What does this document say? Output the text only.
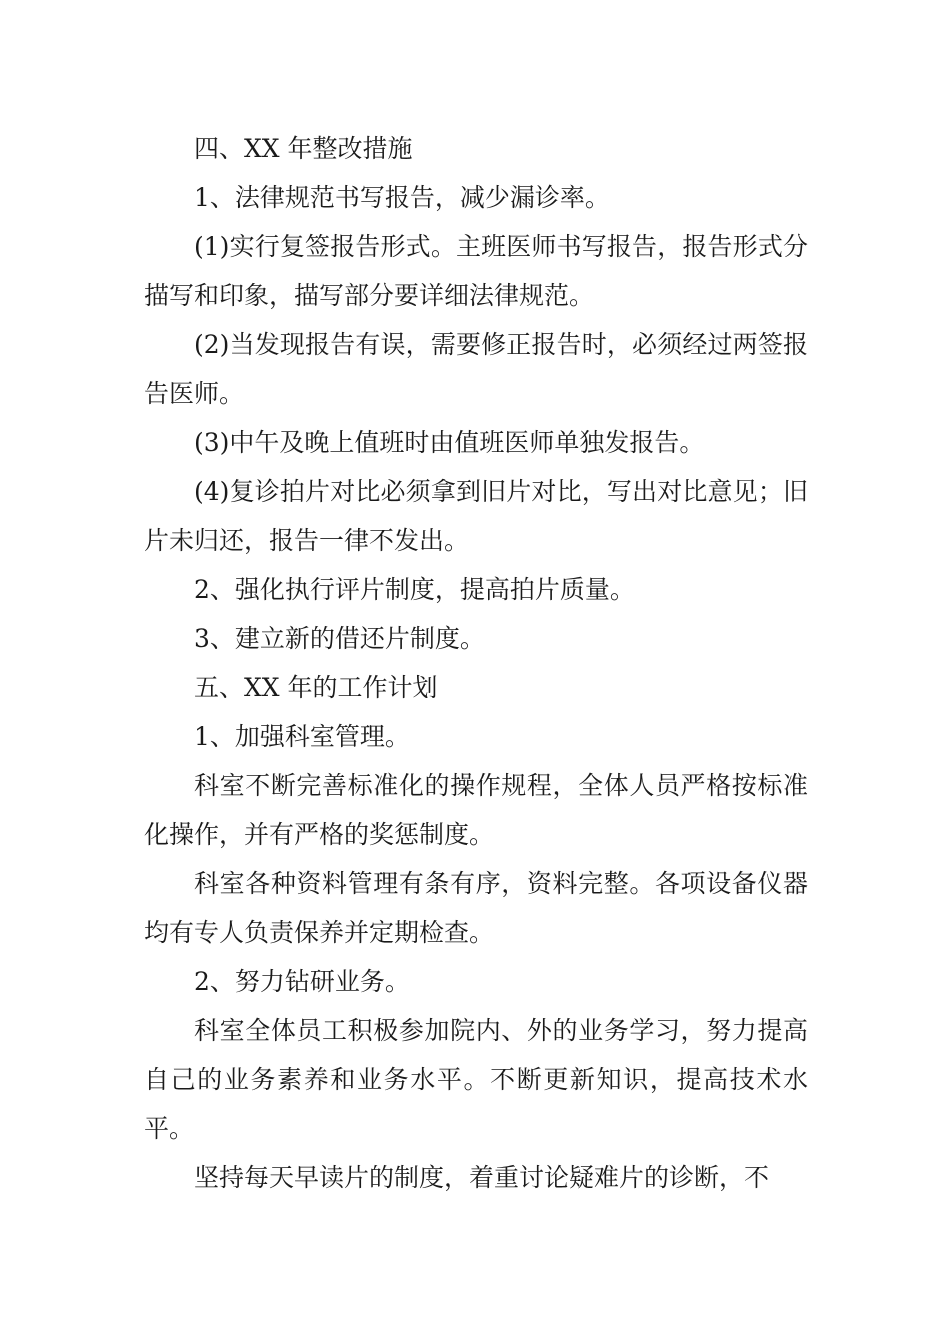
四、XX 年整改措施

1、法律规范书写报告，减少漏诊率。

(1)实行复签报告形式。主班医师书写报告，报告形式分描写和印象，描写部分要详细法律规范。

(2)当发现报告有误，需要修正报告时，必须经过两签报告医师。

(3)中午及晚上值班时由值班医师单独发报告。

(4)复诊拍片对比必须拿到旧片对比，写出对比意见；旧片未归还，报告一律不发出。

2、强化执行评片制度，提高拍片质量。

3、建立新的借还片制度。

五、XX 年的工作计划

1、加强科室管理。

科室不断完善标准化的操作规程，全体人员严格按标准化操作，并有严格的奖惩制度。

科室各种资料管理有条有序，资料完整。各项设备仪器均有专人负责保养并定期检查。

2、努力钻研业务。

科室全体员工积极参加院内、外的业务学习，努力提高自己的业务素养和业务水平。不断更新知识，提高技术水平。

坚持每天早读片的制度，着重讨论疑难片的诊断，不
